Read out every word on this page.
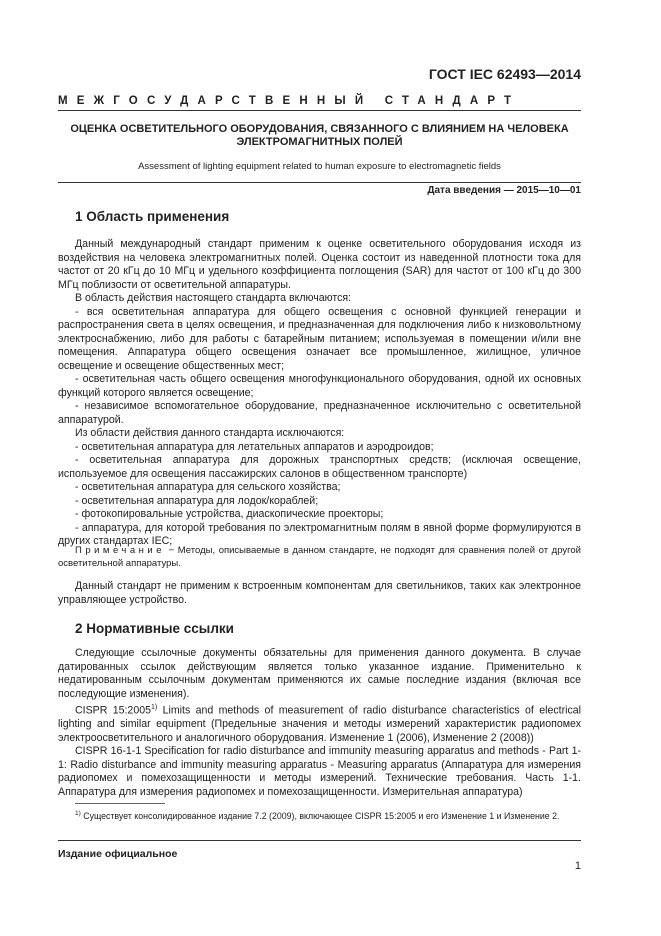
ГОСТ IEC 62493—2014
МЕЖГОСУДАРСТВЕННЫЙ СТАНДАРТ
ОЦЕНКА ОСВЕТИТЕЛЬНОГО ОБОРУДОВАНИЯ, СВЯЗАННОГО С ВЛИЯНИЕМ НА ЧЕЛОВЕКА
ЭЛЕКТРОМАГНИТНЫХ ПОЛЕЙ
Assessment of lighting equipment related to human exposure to electromagnetic fields
Дата введения — 2015—10—01
1 Область применения

Данный международный стандарт применим к оценке осветительного оборудования исходя из воздействия на человека электромагнитных полей. Оценка состоит из наведенной плотности тока для частот от 20 кГц до 10 МГц и удельного коэффициента поглощения (SAR) для частот от 100 кГц до 300 МГц поблизости от осветительной аппаратуры.

В область действия настоящего стандарта включаются:

- вся осветительная аппаратура для общего освещения с основной функцией генерации и распространения света в целях освещения, и предназначенная для подключения либо к низковольтному электроснабжению, либо для работы с батарейным питанием; используемая в помещении и/или вне помещения. Аппаратура общего освещения означает все промышленное, жилищное, уличное освещение и освещение общественных мест;

- осветительная часть общего освещения многофункционального оборудования, одной их основных функций которого является освещение;

- независимое вспомогательное оборудование, предназначенное исключительно с осветительной аппаратурой.

Из области действия данного стандарта исключаются:

- осветительная аппаратура для летательных аппаратов и аэродроидов;

- осветительная аппаратура для дорожных транспортных средств; (исключая освещение, используемое для освещения пассажирских салонов в общественном транспорте)

- осветительная аппаратура для сельского хозяйства;

- осветительная аппаратура для лодок/кораблей;

- фотокопировальные устройства, диаскопические проекторы;

- аппаратура, для которой требования по электромагнитным полям в явной форме формулируются в других стандартах IEC;

Примечание − Методы, описываемые в данном стандарте, не подходят для сравнения полей от другой осветительной аппаратуры.

Данный стандарт не применим к встроенным компонентам для светильников, таких как электронное управляющее устройство.

2 Нормативные ссылки

Следующие ссылочные документы обязательны для применения данного документа. В случае датированных ссылок действующим является только указанное издание. Применительно к недатированным ссылочным документам применяются их самые последние издания (включая все последующие изменения).

CISPR 15:2005$^{1)}$ Limits and methods of measurement of radio disturbance characteristics of electrical lighting and similar equipment (Предельные значения и методы измерений характеристик радиопомех электроосветительного и аналогичного оборудования. Изменение 1 (2006), Изменение 2 (2008))

CISPR 16-1-1 Specification for radio disturbance and immunity measuring apparatus and methods - Part 1-1: Radio disturbance and immunity measuring apparatus - Measuring apparatus (Аппаратура для измерения радиопомех и помехозащищенности и методы измерений. Технические требования. Часть 1-1. Аппаратура для измерения радиопомех и помехозащищенности. Измерительная аппаратура)

$^{1)}$ Существует консолидированное издание 7.2 (2009), включающее CISPR 15:2005 и его Изменение 1 и Изменение 2.

Издание официальное
1
